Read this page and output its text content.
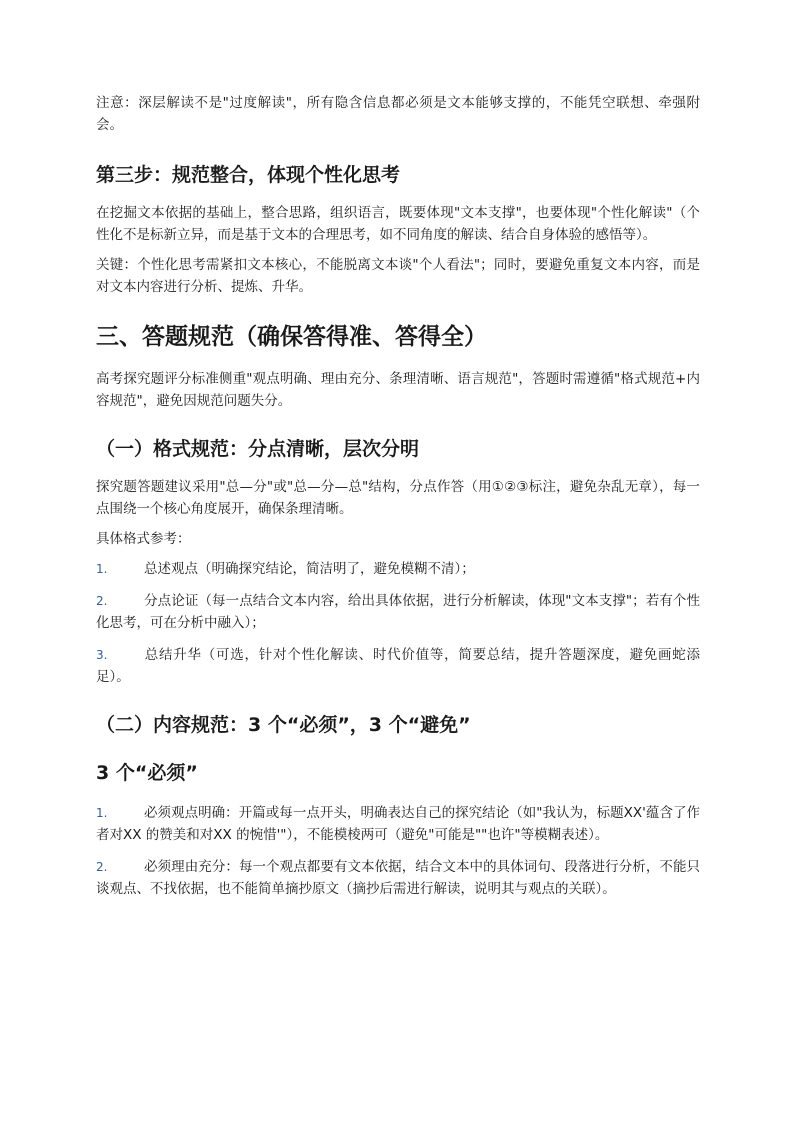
注意：深层解读不是"过度解读"，所有隐含信息都必须是文本能够支撑的，不能凭空联想、牵强附会。

第三步：规范整合，体现个性化思考

在挖掘文本依据的基础上，整合思路，组织语言，既要体现"文本支撑"，也要体现"个性化解读"（个性化不是标新立异，而是基于文本的合理思考，如不同角度的解读、结合自身体验的感悟等）。

关键：个性化思考需紧扣文本核心，不能脱离文本谈"个人看法"；同时，要避免重复文本内容，而是对文本内容进行分析、提炼、升华。

三、答题规范（确保答得准、答得全）

高考探究题评分标准侧重"观点明确、理由充分、条理清晰、语言规范"，答题时需遵循"格式规范+内容规范"，避免因规范问题失分。

（一）格式规范：分点清晰，层次分明

探究题答题建议采用"总—分"或"总—分—总"结构，分点作答（用①②③标注，避免杂乱无章），每一点围绕一个核心角度展开，确保条理清晰。

具体格式参考：

1.	总述观点（明确探究结论，简洁明了，避免模糊不清）；

2.	分点论证（每一点结合文本内容，给出具体依据，进行分析解读，体现"文本支撑"；若有个性化思考，可在分析中融入）；

3.	总结升华（可选，针对个性化解读、时代价值等，简要总结，提升答题深度，避免画蛇添足）。

（二）内容规范：3 个“必须”，3 个“避免”
3 个“必须”

1.	必须观点明确：开篇或每一点开头，明确表达自己的探究结论（如"我认为，标题XX'蕴含了作者对XX 的赞美和对XX 的惋惜'"），不能模棱两可（避免"可能是""也许"等模糊表述）。

2.	必须理由充分：每一个观点都要有文本依据，结合文本中的具体词句、段落进行分析，不能只谈观点、不找依据，也不能简单摘抄原文（摘抄后需进行解读，说明其与观点的关联）。
